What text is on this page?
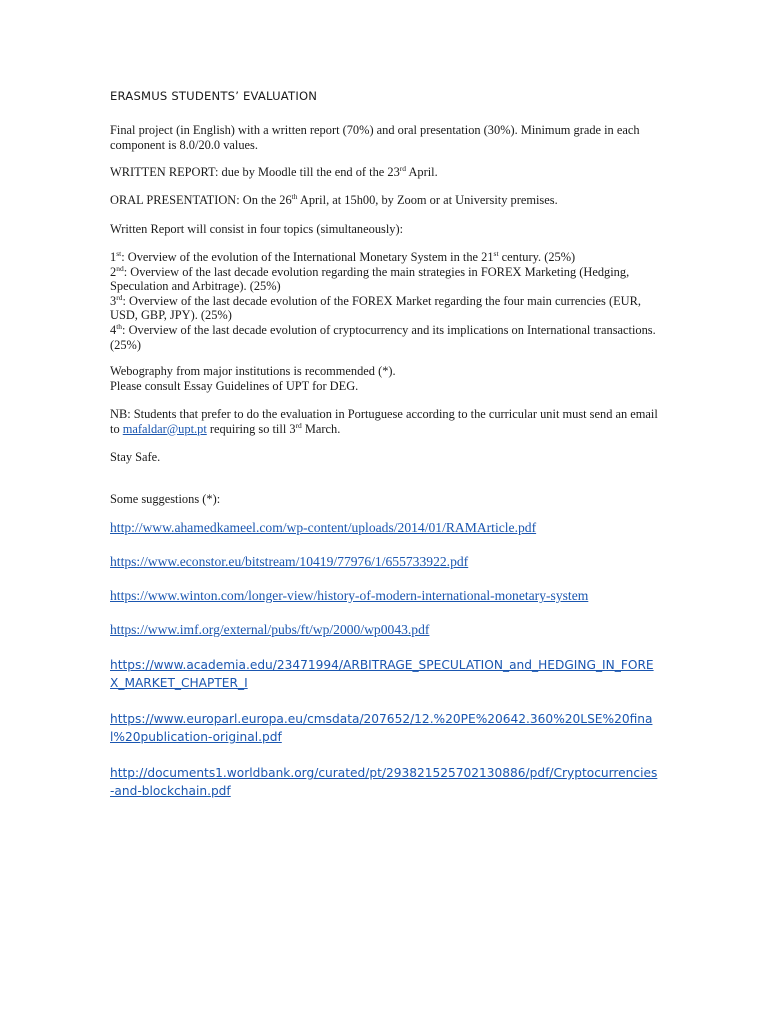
ERASMUS STUDENTS’ EVALUATION

Final project (in English) with a written report (70%) and oral presentation (30%). Minimum grade in each component is 8.0/20.0 values.

WRITTEN REPORT: due by Moodle till the end of the 23rd April.

ORAL PRESENTATION: On the 26th April, at 15h00, by Zoom or at University premises.

Written Report will consist in four topics (simultaneously):

1st: Overview of the evolution of the International Monetary System in the 21st century. (25%)
2nd: Overview of the last decade evolution regarding the main strategies in FOREX Marketing (Hedging, Speculation and Arbitrage). (25%)
3rd: Overview of the last decade evolution of the FOREX Market regarding the four main currencies (EUR, USD, GBP, JPY). (25%)
4th: Overview of the last decade evolution of cryptocurrency and its implications on International transactions. (25%)
Webography from major institutions is recommended (*).
Please consult Essay Guidelines of UPT for DEG.

NB: Students that prefer to do the evaluation in Portuguese according to the curricular unit must send an email to mafaldar@upt.pt requiring so till 3rd March.

Stay Safe.

Some suggestions (*):

http://www.ahamedkameel.com/wp-content/uploads/2014/01/RAMArticle.pdf
https://www.econstor.eu/bitstream/10419/77976/1/655733922.pdf
https://www.winton.com/longer-view/history-of-modern-international-monetary-system
https://www.imf.org/external/pubs/ft/wp/2000/wp0043.pdf
https://www.academia.edu/23471994/ARBITRAGE_SPECULATION_and_HEDGING_IN_FOREX_MARKET_CHAPTER_I
https://www.europarl.europa.eu/cmsdata/207652/12.%20PE%20642.360%20LSE%20final%20publication-original.pdf
http://documents1.worldbank.org/curated/pt/293821525702130886/pdf/Cryptocurrencies-and-blockchain.pdf
